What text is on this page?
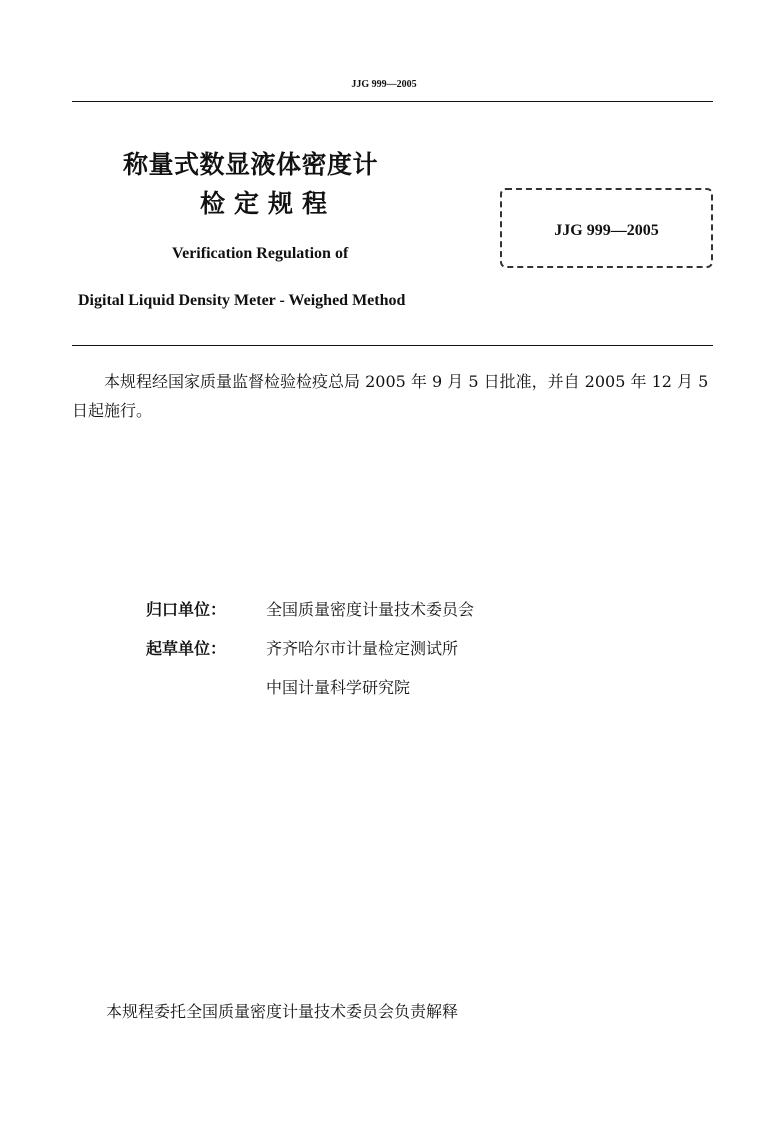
JJG 999—2005
称量式数显液体密度计
检定规程
JJG 999—2005
Verification Regulation of
Digital Liquid Density Meter - Weighed Method
本规程经国家质量监督检验检疫总局 2005 年 9 月 5 日批准，并自 2005 年 12 月 5 日起施行。
归口单位： 全国质量密度计量技术委员会
起草单位： 齐齐哈尔市计量检定测试所
中国计量科学研究院
本规程委托全国质量密度计量技术委员会负责解释
